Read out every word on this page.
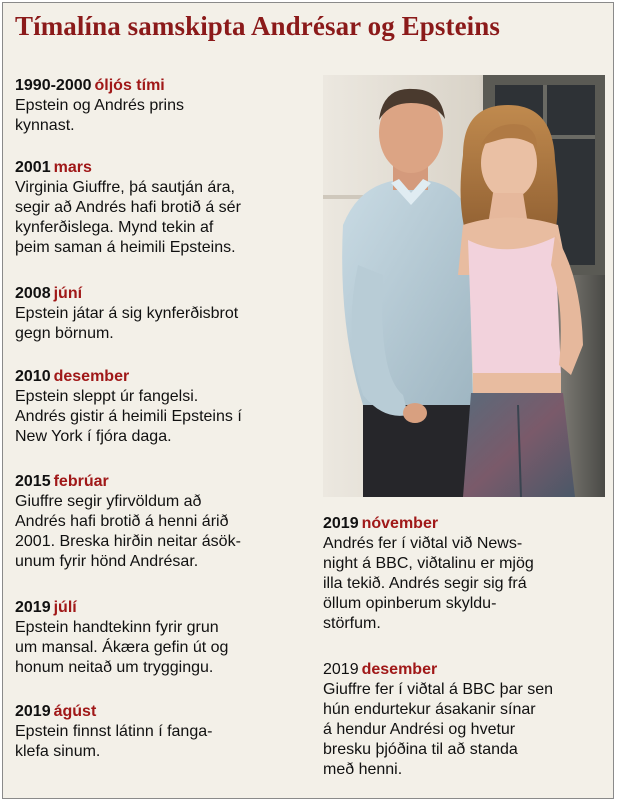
Tímalína samskipta Andrésar og Epsteins
1990-2000 óljós tími
Epstein og Andrés prins
kynnast.
2001 mars
Virginia Giuffre, þá sautján ára,
segir að Andrés hafi brotið á sér
kynferðislega. Mynd tekin af
þeim saman á heimili Epsteins.
2008 júní
Epstein játar á sig kynferðisbrot
gegn börnum.
2010 desember
Epstein sleppt úr fangelsi.
Andrés gistir á heimili Epsteins í
New York í fjóra daga.
2015 febrúar
Giuffre segir yfirvöldum að
Andrés hafi brotið á henni árið
2001. Breska hirðin neitar ásök-
unum fyrir hönd Andrésar.
2019 júlí
Epstein handtekinn fyrir grun
um mansal. Ákæra gefin út og
honum neitað um tryggingu.
2019 ágúst
Epstein finnst látinn í fanga-
klefa sinum.
2019 nóvember
Andrés fer í viðtal við News-
night á BBC, viðtalinu er mjög
illa tekið. Andrés segir sig frá
öllum opinberum skyldu-
störfum.
2019 desember
Giuffre fer í viðtal á BBC þar sen
hún endurtekur ásakanir sínar
á hendur Andrési og hvetur
bresku þjóðina til að standa
með henni.
